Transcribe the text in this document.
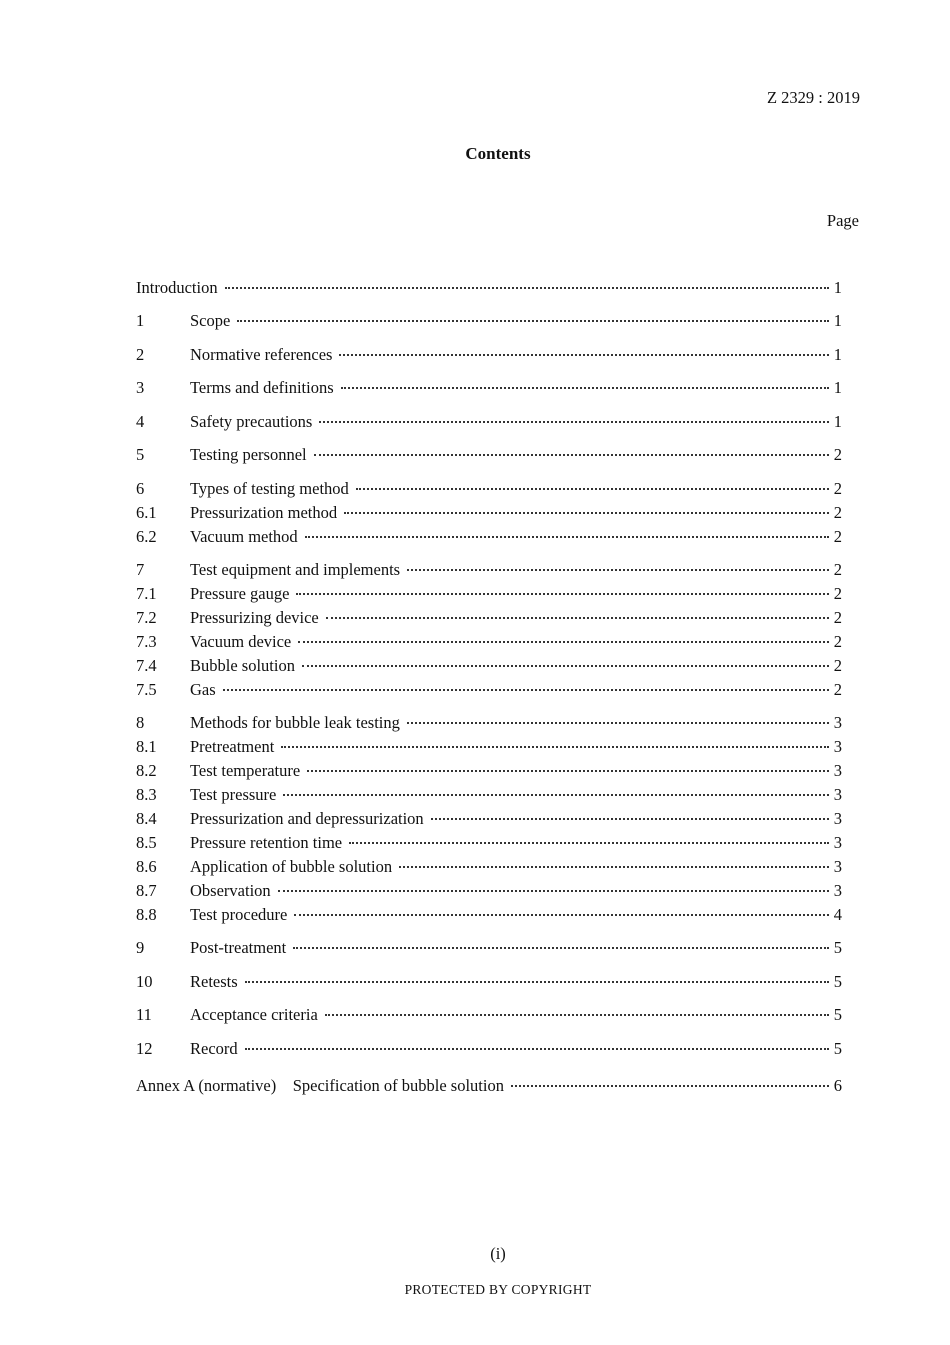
Z 2329 : 2019
Contents
Page
Introduction	1
1	Scope	1
2	Normative references	1
3	Terms and definitions	1
4	Safety precautions	1
5	Testing personnel	2
6	Types of testing method	2
6.1	Pressurization method	2
6.2	Vacuum method	2
7	Test equipment and implements	2
7.1	Pressure gauge	2
7.2	Pressurizing device	2
7.3	Vacuum device	2
7.4	Bubble solution	2
7.5	Gas	2
8	Methods for bubble leak testing	3
8.1	Pretreatment	3
8.2	Test temperature	3
8.3	Test pressure	3
8.4	Pressurization and depressurization	3
8.5	Pressure retention time	3
8.6	Application of bubble solution	3
8.7	Observation	3
8.8	Test procedure	4
9	Post-treatment	5
10	Retests	5
11	Acceptance criteria	5
12	Record	5
Annex A (normative)　Specification of bubble solution	6
(i)
PROTECTED BY COPYRIGHT
